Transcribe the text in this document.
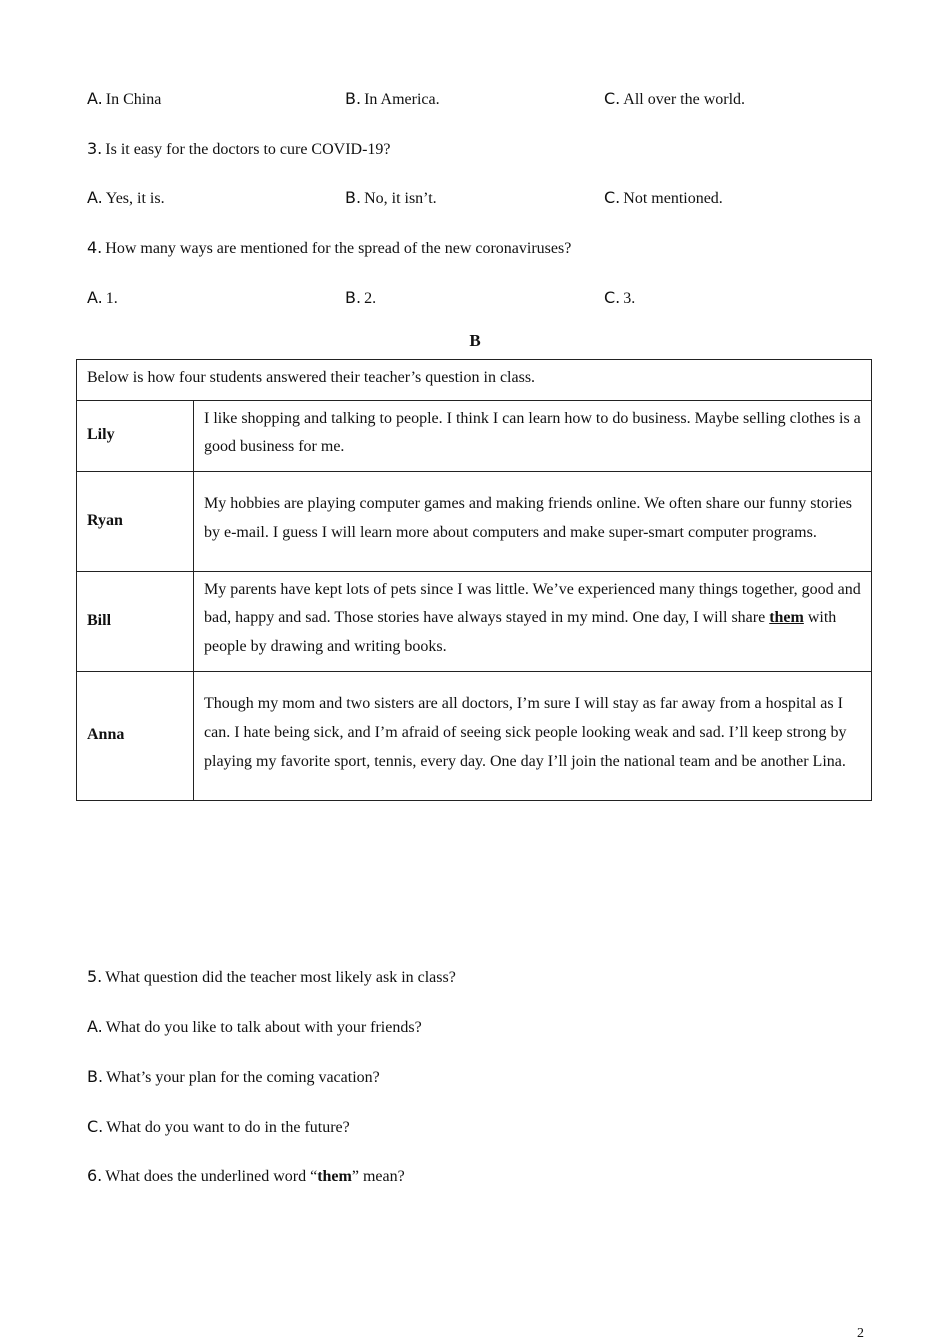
A. In China	B. In America.	C. All over the world.
3. Is it easy for the doctors to cure COVID-19?
A. Yes, it is.	B. No, it isn’t.	C. Not mentioned.
4. How many ways are mentioned for the spread of the new coronaviruses?
A. 1.	B. 2.	C. 3.
B
Below is how four students answered their teacher’s question in class.	
Lily	I like shopping and talking to people. I think I can learn how to do business. Maybe selling clothes is a good business for me.
Ryan	My hobbies are playing computer games and making friends online. We often share our funny stories by e-mail. I guess I will learn more about computers and make super-smart computer programs.
Bill	My parents have kept lots of pets since I was little. We’ve experienced many things together, good and bad, happy and sad. Those stories have always stayed in my mind. One day, I will share them with people by drawing and writing books.
Anna	Though my mom and two sisters are all doctors, I’m sure I will stay as far away from a hospital as I can. I hate being sick, and I’m afraid of seeing sick people looking weak and sad. I’ll keep strong by playing my favorite sport, tennis, every day. One day I’ll join the national team and be another Lina.
5. What question did the teacher most likely ask in class?
A. What do you like to talk about with your friends?
B. What’s your plan for the coming vacation?
C. What do you want to do in the future?
6. What does the underlined word “them” mean?
2
